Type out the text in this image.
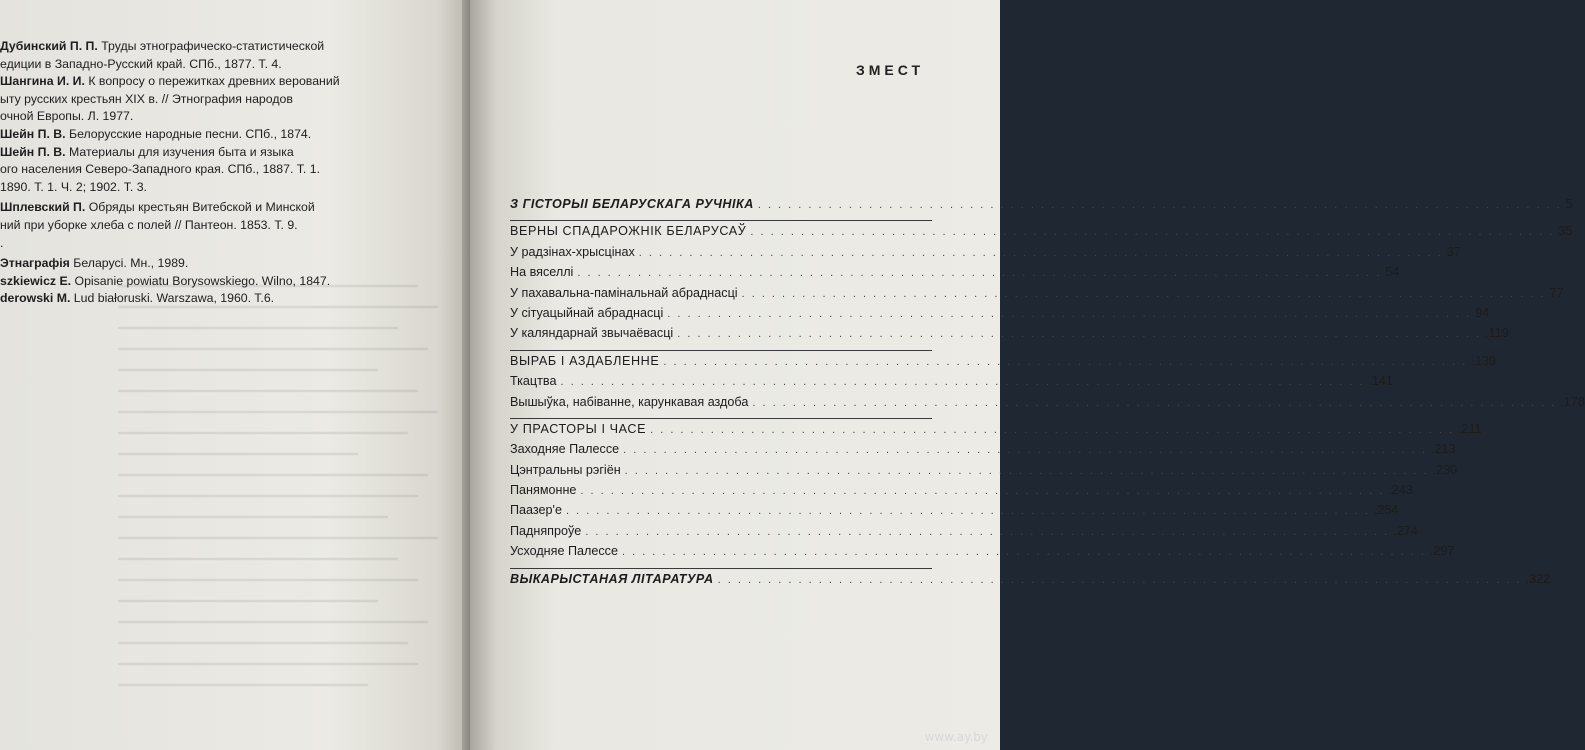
Дубинский П. П. Труды этнографическо-статистической
едиции в Западно-Русский край. СПб., 1877. Т. 4.
Шангина И. И. К вопросу о пережитках древних верований
ыту русских крестьян XIX в. // Этнография народов
очной Европы. Л. 1977.
Шейн П. В. Белорусские народные песни. СПб., 1874.
Шейн П. В. Материалы для изучения быта и языка
ого населения Северо-Западного края. СПб., 1887. Т. 1.
1890. Т. 1. Ч. 2; 1902. Т. 3.
Шплевский П. Обряды крестьян Витебской и Минской
ний при уборке хлеба с полей // Пантеон. 1853. Т. 9.
.
Этнаграфія Беларусі. Мн., 1989.
szkiewicz E. Opisanie powiatu Borysowskiego. Wilno, 1847.
derowski M. Lud białoruski. Warszawa, 1960. T.6.
ЗМЕСТ
З ГІСТОРЫІ БЕЛАРУСКАГА РУЧНІКА . . . . . . . . . . . . . . . . . . . . . . . . . . . . . . . . . . . . . . . . . . . . . . . . . . . . . . . . . . . . . . . . . . . . . . . . . . . . . . . . 5
ВЕРНЫ СПАДАРОЖНІК БЕЛАРУСАЎ . . . . . . . . . . . . . . . . . . . . . . . . . . . . . . . . . . . . . . . . . . . . . . . . . . . . . . . . . . . . . . . . . . . . . . . . . . . . . . . . 35
У радзінах-хрысцінах . . . . . . . . . . . . . . . . . . . . . . . . . . . . . . . . . . . . . . . . . . . . . . . . . . . . . . . . . . . . . . . . . . . . . . . . . . . . . . . . 37
На вяселлі . . . . . . . . . . . . . . . . . . . . . . . . . . . . . . . . . . . . . . . . . . . . . . . . . . . . . . . . . . . . . . . . . . . . . . . . . . . . . . . . 54
У пахавальна-памінальнай абраднасці . . . . . . . . . . . . . . . . . . . . . . . . . . . . . . . . . . . . . . . . . . . . . . . . . . . . . . . . . . . . . . . . . . . . . . . . . . . . . . . . 77
У сітуацыйнай абраднасці . . . . . . . . . . . . . . . . . . . . . . . . . . . . . . . . . . . . . . . . . . . . . . . . . . . . . . . . . . . . . . . . . . . . . . . . . . . . . . . . 94
У каляндарнай звычаёвасці . . . . . . . . . . . . . . . . . . . . . . . . . . . . . . . . . . . . . . . . . . . . . . . . . . . . . . . . . . . . . . . . . . . . . . . . . . . . . . . . .119
ВЫРАБ І АЗДАБЛЕННЕ . . . . . . . . . . . . . . . . . . . . . . . . . . . . . . . . . . . . . . . . . . . . . . . . . . . . . . . . . . . . . . . . . . . . . . . . . . . . . . . . .139
Ткацтва . . . . . . . . . . . . . . . . . . . . . . . . . . . . . . . . . . . . . . . . . . . . . . . . . . . . . . . . . . . . . . . . . . . . . . . . . . . . . . . . .141
Вышыўка, набіванне, карункавая аздоба . . . . . . . . . . . . . . . . . . . . . . . . . . . . . . . . . . . . . . . . . . . . . . . . . . . . . . . . . . . . . . . . . . . . . . . . . . . . . . . . .178
У ПРАСТОРЫ І ЧАСЕ . . . . . . . . . . . . . . . . . . . . . . . . . . . . . . . . . . . . . . . . . . . . . . . . . . . . . . . . . . . . . . . . . . . . . . . . . . . . . . . . .211
Заходняе Палессе . . . . . . . . . . . . . . . . . . . . . . . . . . . . . . . . . . . . . . . . . . . . . . . . . . . . . . . . . . . . . . . . . . . . . . . . . . . . . . . . .213
Цэнтральны рэгіён . . . . . . . . . . . . . . . . . . . . . . . . . . . . . . . . . . . . . . . . . . . . . . . . . . . . . . . . . . . . . . . . . . . . . . . . . . . . . . . . .230
Панямонне . . . . . . . . . . . . . . . . . . . . . . . . . . . . . . . . . . . . . . . . . . . . . . . . . . . . . . . . . . . . . . . . . . . . . . . . . . . . . . . . .243
Паазер'е . . . . . . . . . . . . . . . . . . . . . . . . . . . . . . . . . . . . . . . . . . . . . . . . . . . . . . . . . . . . . . . . . . . . . . . . . . . . . . . . .254
Падняпроўе . . . . . . . . . . . . . . . . . . . . . . . . . . . . . . . . . . . . . . . . . . . . . . . . . . . . . . . . . . . . . . . . . . . . . . . . . . . . . . . . .274
Усходняе Палессе . . . . . . . . . . . . . . . . . . . . . . . . . . . . . . . . . . . . . . . . . . . . . . . . . . . . . . . . . . . . . . . . . . . . . . . . . . . . . . . . .297
ВЫКАРЫСТАНАЯ ЛІТАРАТУРА . . . . . . . . . . . . . . . . . . . . . . . . . . . . . . . . . . . . . . . . . . . . . . . . . . . . . . . . . . . . . . . . . . . . . . . . . . . . . . . . .322
www.ay.by
